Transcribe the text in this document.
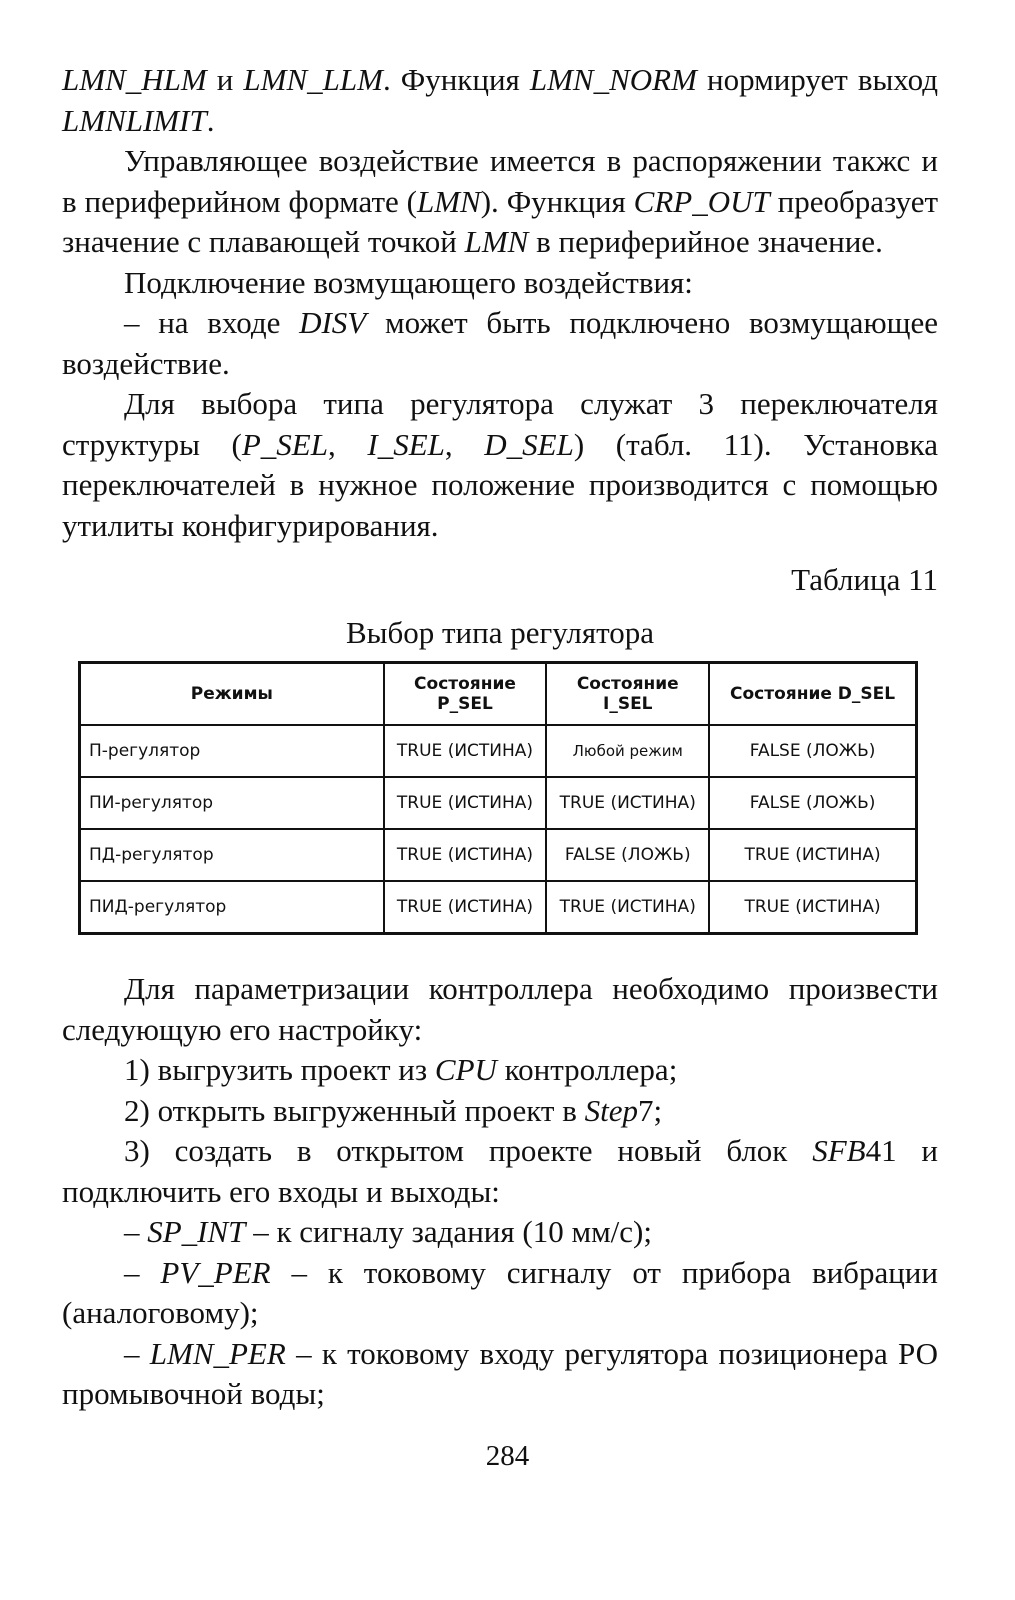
LMN_HLM и LMN_LLM. Функция LMN_NORM нормирует выход LMNLIMIT.

Управляющее воздействие имеется в распоряжении такжс и в периферийном формате (LMN). Функция CRP_OUT преобразует значение с плавающей точкой LMN в периферийное значение.

Подключение возмущающего воздействия:

– на входе DISV может быть подключено возмущающее воздействие.

Для выбора типа регулятора служат 3 переключателя структуры (P_SEL, I_SEL, D_SEL) (табл. 11). Установка переключателей в нужное положение производится с помощью утилиты конфигурирования.

Таблица 11
Выбор типа регулятора
Режимы	Состояние P_SEL	Состояние I_SEL	Состояние D_SEL
П-регулятор	TRUE (ИСТИНА)	Любой режим	FALSE (ЛОЖЬ)
ПИ-регулятор	TRUE (ИСТИНА)	TRUE (ИСТИНА)	FALSE (ЛОЖЬ)
ПД-регулятор	TRUE (ИСТИНА)	FALSE (ЛОЖЬ)	TRUE (ИСТИНА)
ПИД-регулятор	TRUE (ИСТИНА)	TRUE (ИСТИНА)	TRUE (ИСТИНА)

Для параметризации контроллера необходимо произвести следующую его настройку:

1) выгрузить проект из CPU контроллера;

2) открыть выгруженный проект в Step7;

3) создать в открытом проекте новый блок SFB41 и подключить его входы и выходы:

– SP_INT – к сигналу задания (10 мм/с);

– PV_PER – к токовому сигналу от прибора вибрации (аналоговому);

– LMN_PER – к токовому входу регулятора позиционера РО промывочной воды;

284
